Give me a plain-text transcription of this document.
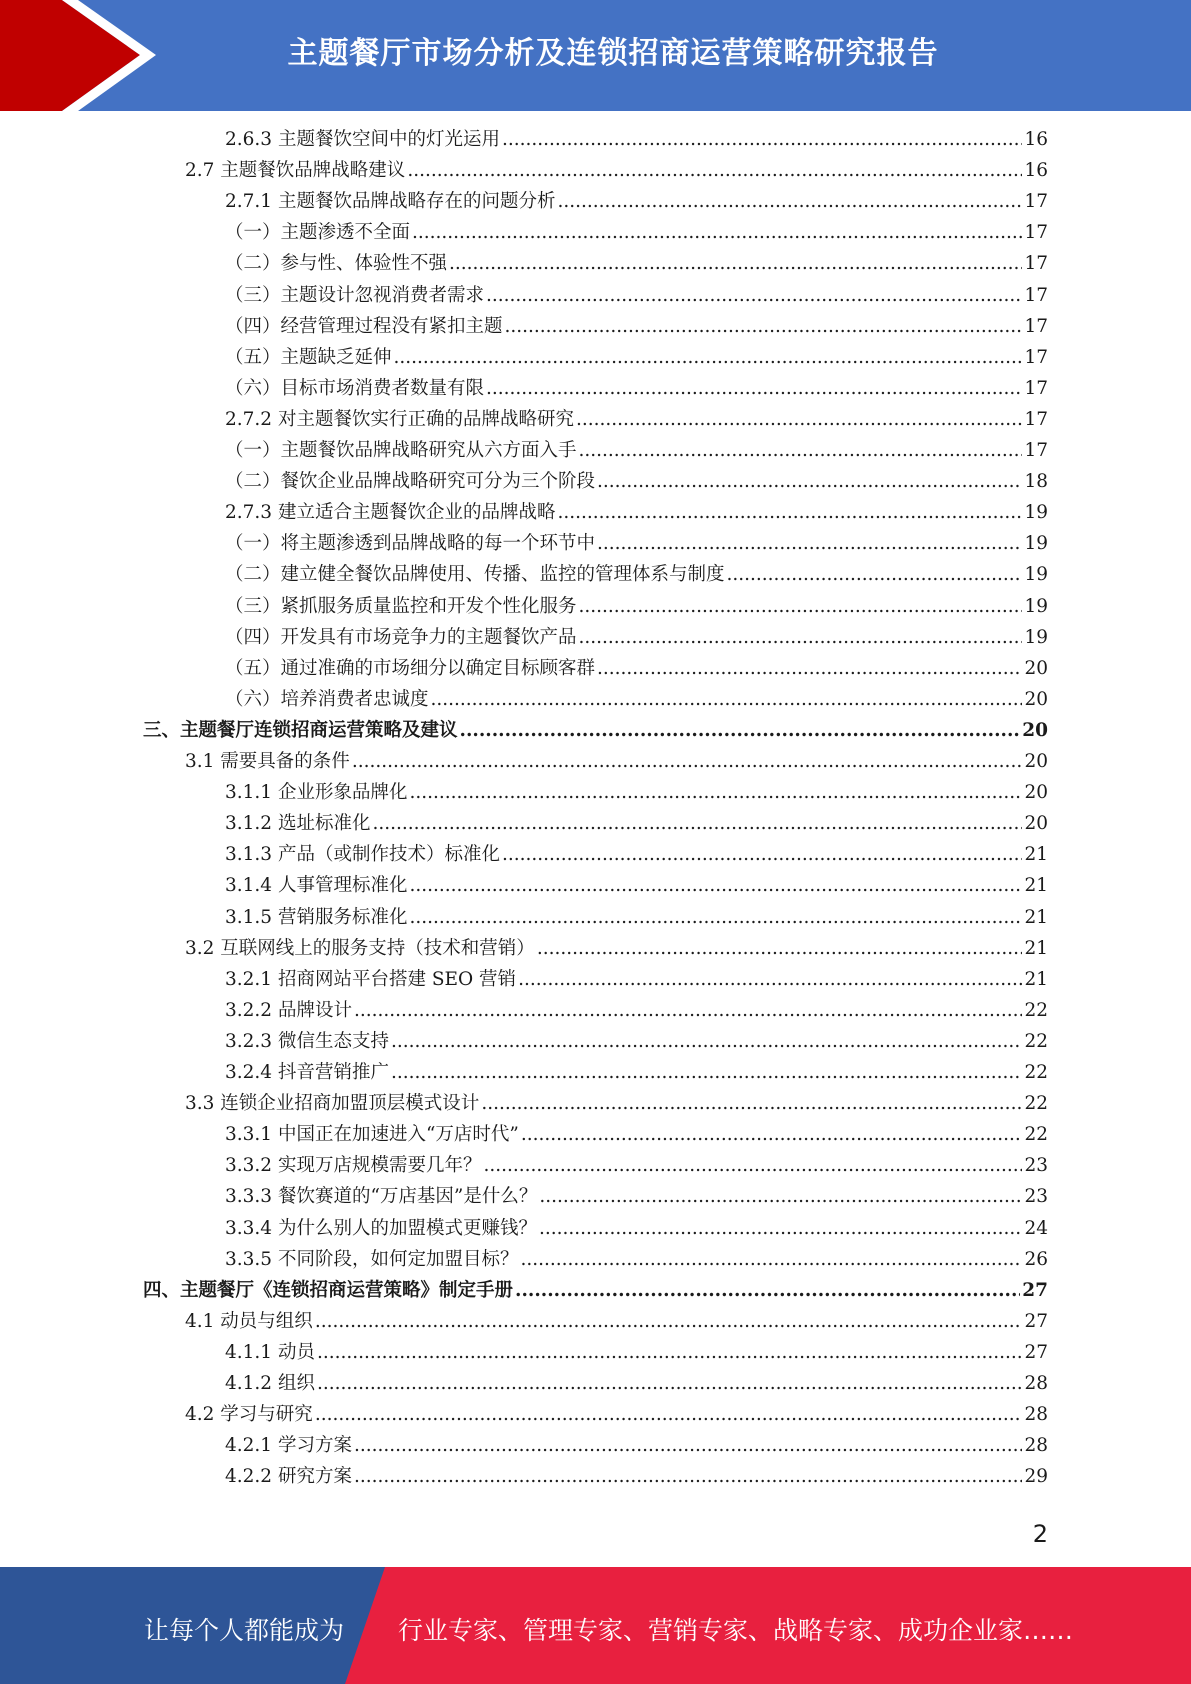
主题餐厅市场分析及连锁招商运营策略研究报告
2.6.3 主题餐饮空间中的灯光运用 .....	16
2.7 主题餐饮品牌战略建议 .....	16
2.7.1 主题餐饮品牌战略存在的问题分析 .....	17
（一）主题渗透不全面 .....	17
（二）参与性、体验性不强 .....	17
（三）主题设计忽视消费者需求 .....	17
（四）经营管理过程没有紧扣主题 .....	17
（五）主题缺乏延伸 .....	17
（六）目标市场消费者数量有限 .....	17
2.7.2 对主题餐饮实行正确的品牌战略研究 .....	17
（一）主题餐饮品牌战略研究从六方面入手 .....	17
（二）餐饮企业品牌战略研究可分为三个阶段 .....	18
2.7.3 建立适合主题餐饮企业的品牌战略 .....	19
（一）将主题渗透到品牌战略的每一个环节中 .....	19
（二）建立健全餐饮品牌使用、传播、监控的管理体系与制度 .....	19
（三）紧抓服务质量监控和开发个性化服务 .....	19
（四）开发具有市场竞争力的主题餐饮产品 .....	19
（五）通过准确的市场细分以确定目标顾客群 .....	20
（六）培养消费者忠诚度 .....	20
三、主题餐厅连锁招商运营策略及建议 .....	20
3.1 需要具备的条件 .....	20
3.1.1 企业形象品牌化 .....	20
3.1.2 选址标准化 .....	20
3.1.3 产品（或制作技术）标准化 .....	21
3.1.4 人事管理标准化 .....	21
3.1.5 营销服务标准化 .....	21
3.2 互联网线上的服务支持（技术和营销） .....	21
3.2.1 招商网站平台搭建 SEO 营销 .....	21
3.2.2 品牌设计 .....	22
3.2.3 微信生态支持 .....	22
3.2.4 抖音营销推广 .....	22
3.3 连锁企业招商加盟顶层模式设计 .....	22
3.3.1 中国正在加速进入“万店时代” .....	22
3.3.2 实现万店规模需要几年？ .....	23
3.3.3 餐饮赛道的“万店基因”是什么？ .....	23
3.3.4 为什么别人的加盟模式更赚钱？ .....	24
3.3.5 不同阶段，如何定加盟目标？ .....	26
四、主题餐厅《连锁招商运营策略》制定手册 .....	27
4.1 动员与组织 .....	27
4.1.1 动员 .....	27
4.1.2 组织 .....	28
4.2 学习与研究 .....	28
4.2.1 学习方案 .....	28
4.2.2 研究方案 .....	29
2
让每个人都能成为 行业专家、管理专家、营销专家、战略专家、成功企业家……
